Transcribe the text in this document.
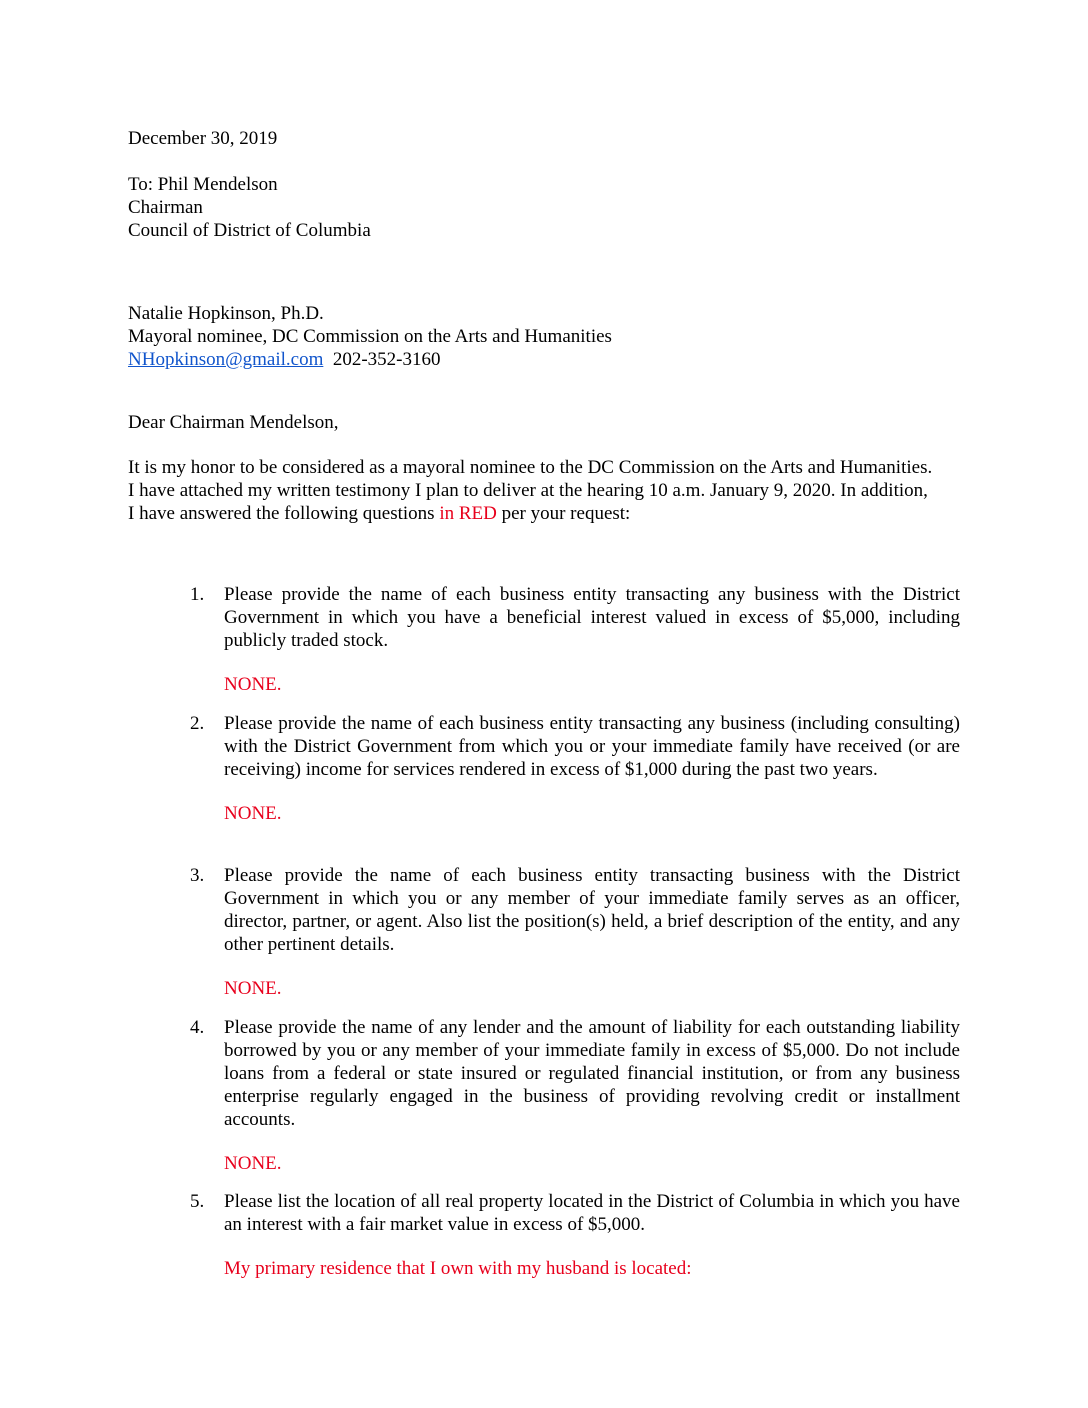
December 30, 2019
To: Phil Mendelson
Chairman
Council of District of Columbia
Natalie Hopkinson, Ph.D.
Mayoral nominee, DC Commission on the Arts and Humanities
NHopkinson@gmail.com 202-352-3160
Dear Chairman Mendelson,
It is my honor to be considered as a mayoral nominee to the DC Commission on the Arts and Humanities.
I have attached my written testimony I plan to deliver at the hearing 10 a.m. January 9, 2020. In addition,
I have answered the following questions in RED per your request:
1.	Please provide the name of each business entity transacting any business with the District Government in which you have a beneficial interest valued in excess of $5,000, including publicly traded stock.
NONE.
2.	Please provide the name of each business entity transacting any business (including consulting) with the District Government from which you or your immediate family have received (or are receiving) income for services rendered in excess of $1,000 during the past two years.
NONE.
3.	Please provide the name of each business entity transacting business with the District Government in which you or any member of your immediate family serves as an officer, director, partner, or agent. Also list the position(s) held, a brief description of the entity, and any other pertinent details.
NONE.
4.	Please provide the name of any lender and the amount of liability for each outstanding liability borrowed by you or any member of your immediate family in excess of $5,000. Do not include loans from a federal or state insured or regulated financial institution, or from any business enterprise regularly engaged in the business of providing revolving credit or installment accounts.
NONE.
5.	Please list the location of all real property located in the District of Columbia in which you have an interest with a fair market value in excess of $5,000.
My primary residence that I own with my husband is located:
